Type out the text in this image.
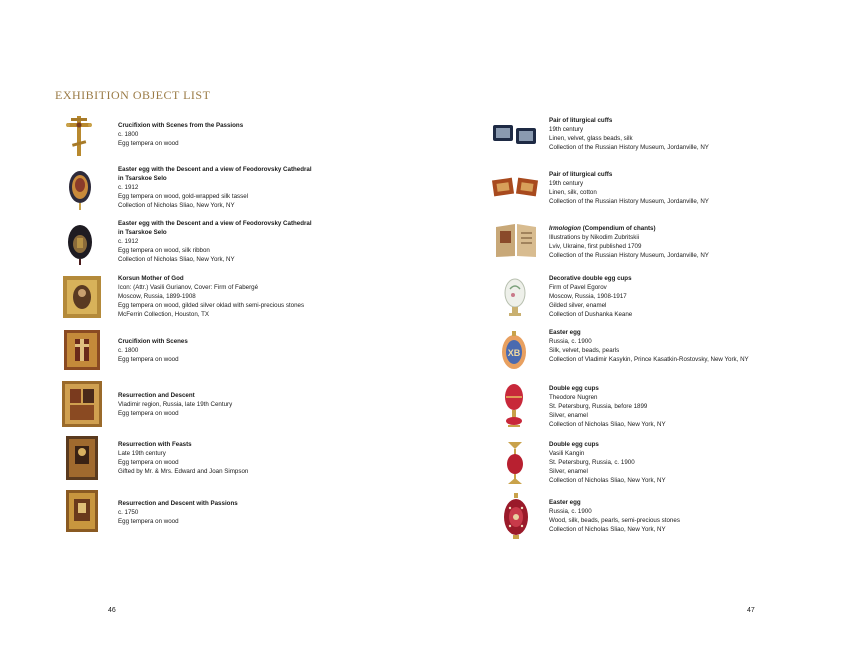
EXHIBITION OBJECT LIST
Crucifixion with Scenes from the Passions
c. 1800
Egg tempera on wood
Easter egg with the Descent and a view of Feodorovsky Cathedral
in Tsarskoe Selo
c. 1912
Egg tempera on wood, gold-wrapped silk tassel
Collection of Nicholas Sliao, New York, NY
Easter egg with the Descent and a view of Feodorovsky Cathedral
in Tsarskoe Selo
c. 1912
Egg tempera on wood, silk ribbon
Collection of Nicholas Sliao, New York, NY
Korsun Mother of God
Icon: (Attr.) Vasili Gurianov, Cover: Firm of Fabergé
Moscow, Russia, 1899-1908
Egg tempera on wood, gilded silver oklad with semi-precious stones
McFerrin Collection, Houston, TX
Crucifixion with Scenes
c. 1800
Egg tempera on wood
Resurrection and Descent
Vladimir region, Russia, late 19th Century
Egg tempera on wood
Resurrection with Feasts
Late 19th century
Egg tempera on wood
Gifted by Mr. & Mrs. Edward and Joan Simpson
Resurrection and Descent with Passions
c. 1750
Egg tempera on wood
Pair of liturgical cuffs
19th century
Linen, velvet, glass beads, silk
Collection of the Russian History Museum, Jordanville, NY
Pair of liturgical cuffs
19th century
Linen, silk, cotton
Collection of the Russian History Museum, Jordanville, NY
Irmologion (Compendium of chants)
Illustrations by Nikodim Zubritskii
Lviv, Ukraine, first published 1709
Collection of the Russian History Museum, Jordanville, NY
Decorative double egg cups
Firm of Pavel Egorov
Moscow, Russia, 1908-1917
Gilded silver, enamel
Collection of Dushanka Keane
XB
Easter egg
Russia, c. 1900
Silk, velvet, beads, pearls
Collection of Vladimir Kasykin, Prince Kasatkin-Rostovsky, New York, NY
Double egg cups
Theodore Nugren
St. Petersburg, Russia, before 1899
Silver, enamel
Collection of Nicholas Sliao, New York, NY
Double egg cups
Vasili Kangin
St. Petersburg, Russia, c. 1900
Silver, enamel
Collection of Nicholas Sliao, New York, NY
Easter egg
Russia, c. 1900
Wood, silk, beads, pearls, semi-precious stones
Collection of Nicholas Sliao, New York, NY
46	47
